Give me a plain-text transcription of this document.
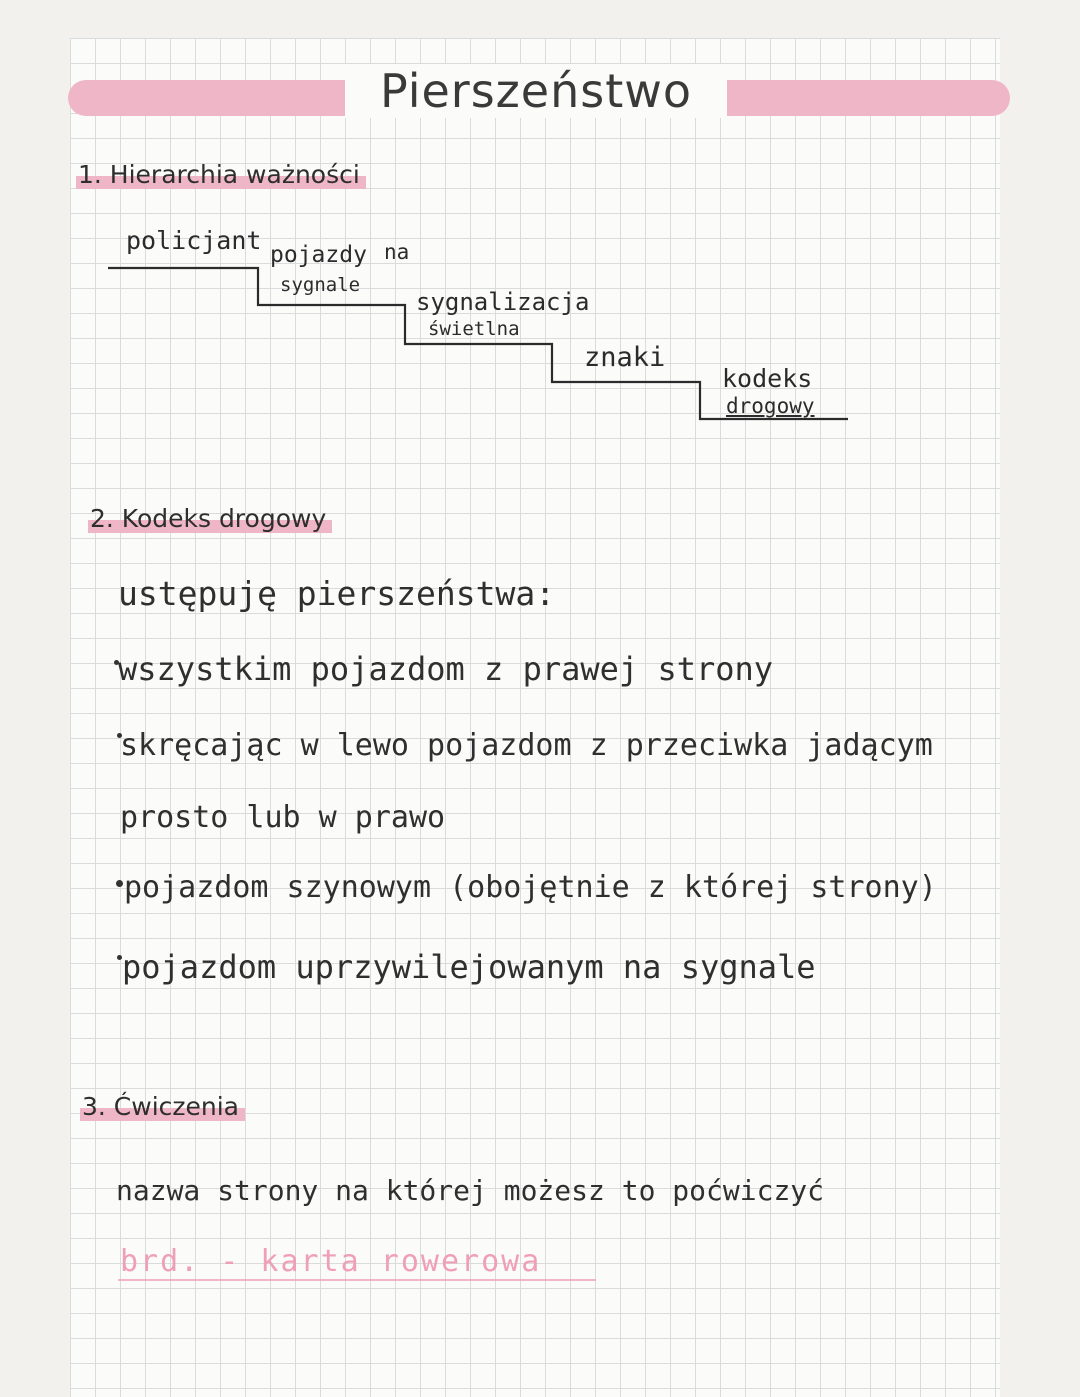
Pierszeństwo
1. Hierarchia ważności
policjant pojazdy na
sygnale
sygnalizacja
świetlna
znaki
kodeks
drogowy
2. Kodeks drogowy
ustępuję pierszeństwa:
wszystkim pojazdom z prawej strony
skręcając w lewo pojazdom z przeciwka jadącym
prosto lub w prawo
pojazdom szynowym (obojętnie z której strony)
pojazdom uprzywilejowanym na sygnale
3. Ćwiczenia
nazwa strony na której możesz to poćwiczyć
brd. - karta rowerowa
